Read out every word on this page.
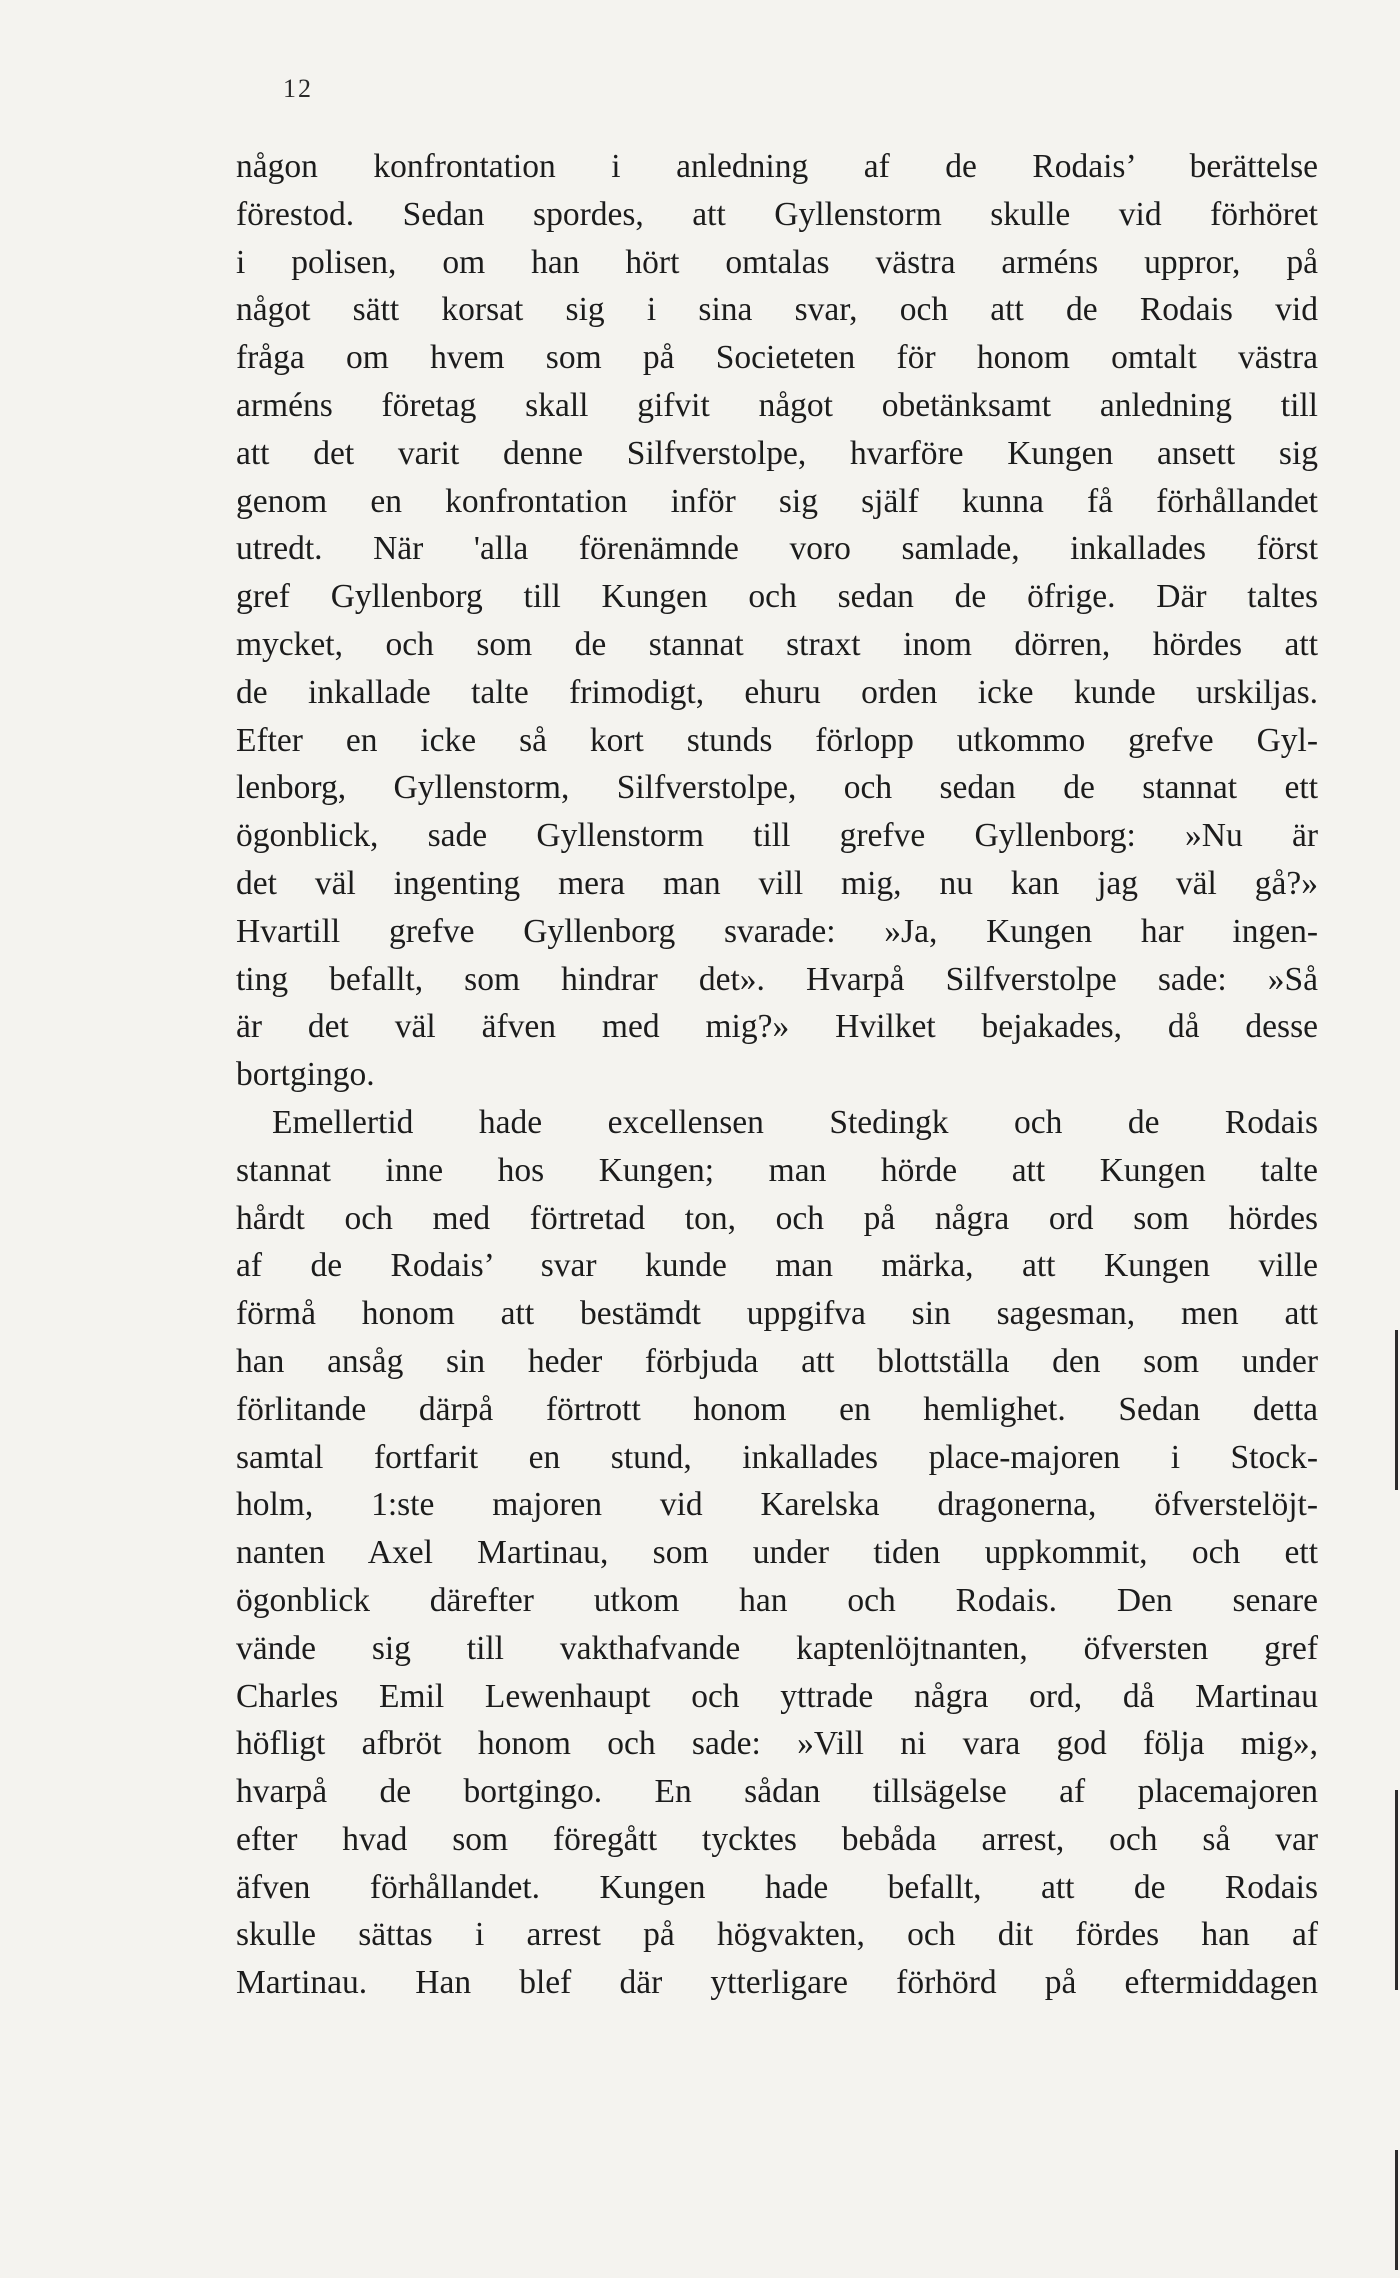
12
någon konfrontation i anledning af de Rodais’ berättelse
förestod. Sedan spordes, att Gyllenstorm skulle vid förhöret
i polisen, om han hört omtalas västra arméns uppror, på
något sätt korsat sig i sina svar, och att de Rodais vid
fråga om hvem som på Societeten för honom omtalt västra
arméns företag skall gifvit något obetänksamt anledning till
att det varit denne Silfverstolpe, hvarföre Kungen ansett sig
genom en konfrontation inför sig själf kunna få förhållandet
utredt. När 'alla förenämnde voro samlade, inkallades först
gref Gyllenborg till Kungen och sedan de öfrige. Där taltes
mycket, och som de stannat straxt inom dörren, hördes att
de inkallade talte frimodigt, ehuru orden icke kunde urskiljas.
Efter en icke så kort stunds förlopp utkommo grefve Gyl-
lenborg, Gyllenstorm, Silfverstolpe, och sedan de stannat ett
ögonblick, sade Gyllenstorm till grefve Gyllenborg: »Nu är
det väl ingenting mera man vill mig, nu kan jag väl gå?»
Hvartill grefve Gyllenborg svarade: »Ja, Kungen har ingen-
ting befallt, som hindrar det». Hvarpå Silfverstolpe sade: »Så
är det väl äfven med mig?» Hvilket bejakades, då desse
bortgingo.
Emellertid hade excellensen Stedingk och de Rodais
stannat inne hos Kungen; man hörde att Kungen talte
hårdt och med förtretad ton, och på några ord som hördes
af de Rodais’ svar kunde man märka, att Kungen ville
förmå honom att bestämdt uppgifva sin sagesman, men att
han ansåg sin heder förbjuda att blottställa den som under
förlitande därpå förtrott honom en hemlighet. Sedan detta
samtal fortfarit en stund, inkallades place-majoren i Stock-
holm, 1:ste majoren vid Karelska dragonerna, öfverstelöjt-
nanten Axel Martinau, som under tiden uppkommit, och ett
ögonblick därefter utkom han och Rodais. Den senare
vände sig till vakthafvande kaptenlöjtnanten, öfversten gref
Charles Emil Lewenhaupt och yttrade några ord, då Martinau
höfligt afbröt honom och sade: »Vill ni vara god följa mig»,
hvarpå de bortgingo. En sådan tillsägelse af placemajoren
efter hvad som föregått tycktes bebåda arrest, och så var
äfven förhållandet. Kungen hade befallt, att de Rodais
skulle sättas i arrest på högvakten, och dit fördes han af
Martinau. Han blef där ytterligare förhörd på eftermiddagen
